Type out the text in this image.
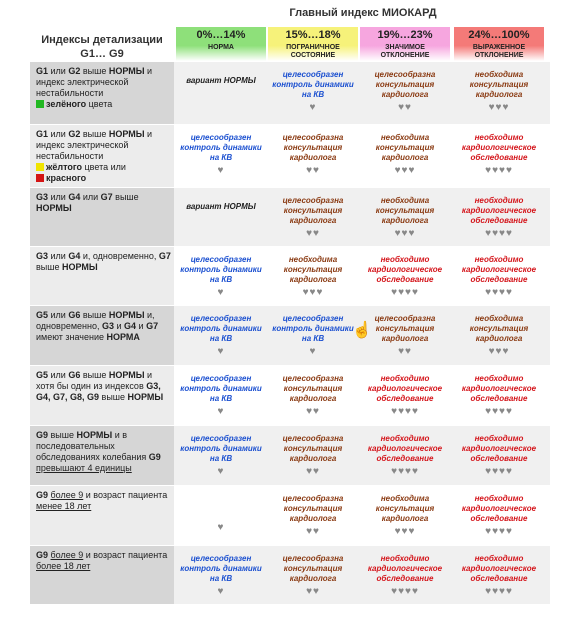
Главный индекс МИОКАРД
Индексы детализации
G1… G9
0%…14%
НОРМА
15%…18%
ПОГРАНИЧНОЕ СОСТОЯНИЕ
19%…23%
ЗНАЧИМОЕ ОТКЛОНЕНИЕ
24%…100%
ВЫРАЖЕННОЕ ОТКЛОНЕНИЕ
G1 или G2 выше НОРМЫ и индекс электрической нестабильности
зелёного цвета
вариант НОРМЫ
целесообразен контроль динамики на КВ
♥
целесообразна консультация кардиолога
♥♥
необходима консультация кардиолога
♥♥♥
G1 или G2 выше НОРМЫ и индекс электрической нестабильности
жёлтого цвета или
красного
целесообразен контроль динамики на КВ
♥
целесообразна консультация кардиолога
♥♥
необходима консультация кардиолога
♥♥♥
необходимо кардиологическое обследование
♥♥♥♥
G3 или G4 или G7 выше НОРМЫ	вариант НОРМЫ
целесообразна консультация кардиолога
♥♥
необходима консультация кардиолога
♥♥♥
необходимо кардиологическое обследование
♥♥♥♥
G3 или G4 и, одновременно, G7 выше НОРМЫ
целесообразен контроль динамики на КВ
♥
необходима консультация кардиолога
♥♥♥
необходимо кардиологическое обследование
♥♥♥♥
необходимо кардиологическое обследование
♥♥♥♥
G5 или G6 выше НОРМЫ и, одновременно, G3 и G4 и G7 имеют значение НОРМА
целесообразен контроль динамики на КВ
♥
целесообразен контроль динамики на КВ
♥
целесообразна консультация кардиолога
♥♥
необходима консультация кардиолога
♥♥♥
G5 или G6 выше НОРМЫ и хотя бы один из индексов G3, G4, G7, G8, G9 выше НОРМЫ
целесообразен контроль динамики на КВ
♥
целесообразна консультация кардиолога
♥♥
необходимо кардиологическое обследование
♥♥♥♥
необходимо кардиологическое обследование
♥♥♥♥
G9 выше НОРМЫ и в последовательных обследованиях колебания G9 превышают 4 единицы
целесообразен контроль динамики на КВ
♥
целесообразна консультация кардиолога
♥♥
необходимо кардиологическое обследование
♥♥♥♥
необходимо кардиологическое обследование
♥♥♥♥
G9 более 9 и возраст пациента менее 18 лет
♥
целесообразна консультация кардиолога
♥♥
необходима консультация кардиолога
♥♥♥
необходимо кардиологическое обследование
♥♥♥♥
G9 более 9 и возраст пациента более 18 лет
целесообразен контроль динамики на КВ
♥
целесообразна консультация кардиолога
♥♥
необходимо кардиологическое обследование
♥♥♥♥
необходимо кардиологическое обследование
♥♥♥♥
☝
